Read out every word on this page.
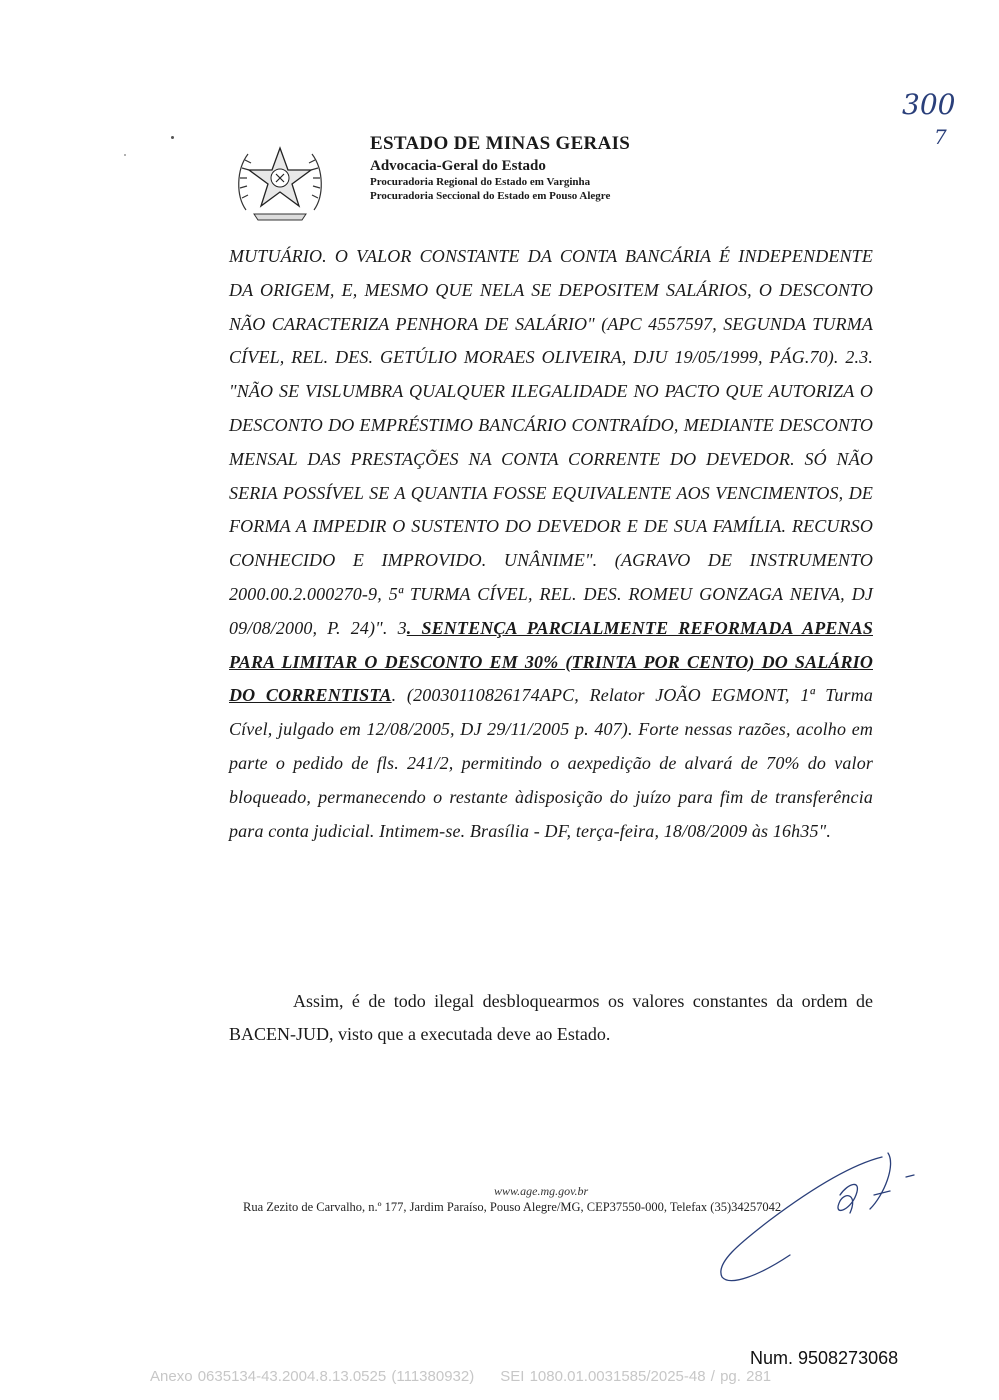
300
7
ESTADO DE MINAS GERAIS
Advocacia-Geral do Estado
Procuradoria Regional do Estado em Varginha
Procuradoria Seccional do Estado em Pouso Alegre
MUTUÁRIO. O VALOR CONSTANTE DA CONTA BANCÁRIA É INDEPENDENTE DA ORIGEM, E, MESMO QUE NELA SE DEPOSITEM SALÁRIOS, O DESCONTO NÃO CARACTERIZA PENHORA DE SALÁRIO" (APC 4557597, SEGUNDA TURMA CÍVEL, REL. DES. GETÚLIO MORAES OLIVEIRA, DJU 19/05/1999, PÁG.70). 2.3. "NÃO SE VISLUMBRA QUALQUER ILEGALIDADE NO PACTO QUE AUTORIZA O DESCONTO DO EMPRÉSTIMO BANCÁRIO CONTRAÍDO, MEDIANTE DESCONTO MENSAL DAS PRESTAÇÕES NA CONTA CORRENTE DO DEVEDOR. SÓ NÃO SERIA POSSÍVEL SE A QUANTIA FOSSE EQUIVALENTE AOS VENCIMENTOS, DE FORMA A IMPEDIR O SUSTENTO DO DEVEDOR E DE SUA FAMÍLIA. RECURSO CONHECIDO E IMPROVIDO. UNÂNIME". (AGRAVO DE INSTRUMENTO 2000.00.2.000270-9, 5ª TURMA CÍVEL, REL. DES. ROMEU GONZAGA NEIVA, DJ 09/08/2000, P. 24)". 3. SENTENÇA PARCIALMENTE REFORMADA APENAS PARA LIMITAR O DESCONTO EM 30% (TRINTA POR CENTO) DO SALÁRIO DO CORRENTISTA. (20030110826174APC, Relator JOÃO EGMONT, 1ª Turma Cível, julgado em 12/08/2005, DJ 29/11/2005 p. 407). Forte nessas razões, acolho em parte o pedido de fls. 241/2, permitindo o aexpedição de alvará de 70% do valor bloqueado, permanecendo o restante àdisposição do juízo para fim de transferência para conta judicial. Intimem-se. Brasília - DF, terça-feira, 18/08/2009 às 16h35".
Assim, é de todo ilegal desbloquearmos os valores constantes da ordem de BACEN-JUD, visto que a executada deve ao Estado.
www.age.mg.gov.br
Rua Zezito de Carvalho, n.º 177, Jardim Paraíso, Pouso Alegre/MG, CEP37550-000, Telefax (35)34257042
Num. 9508273068
Anexo 0635134-43.2004.8.13.0525 (111380932) SEI 1080.01.0031585/2025-48 / pg. 281
